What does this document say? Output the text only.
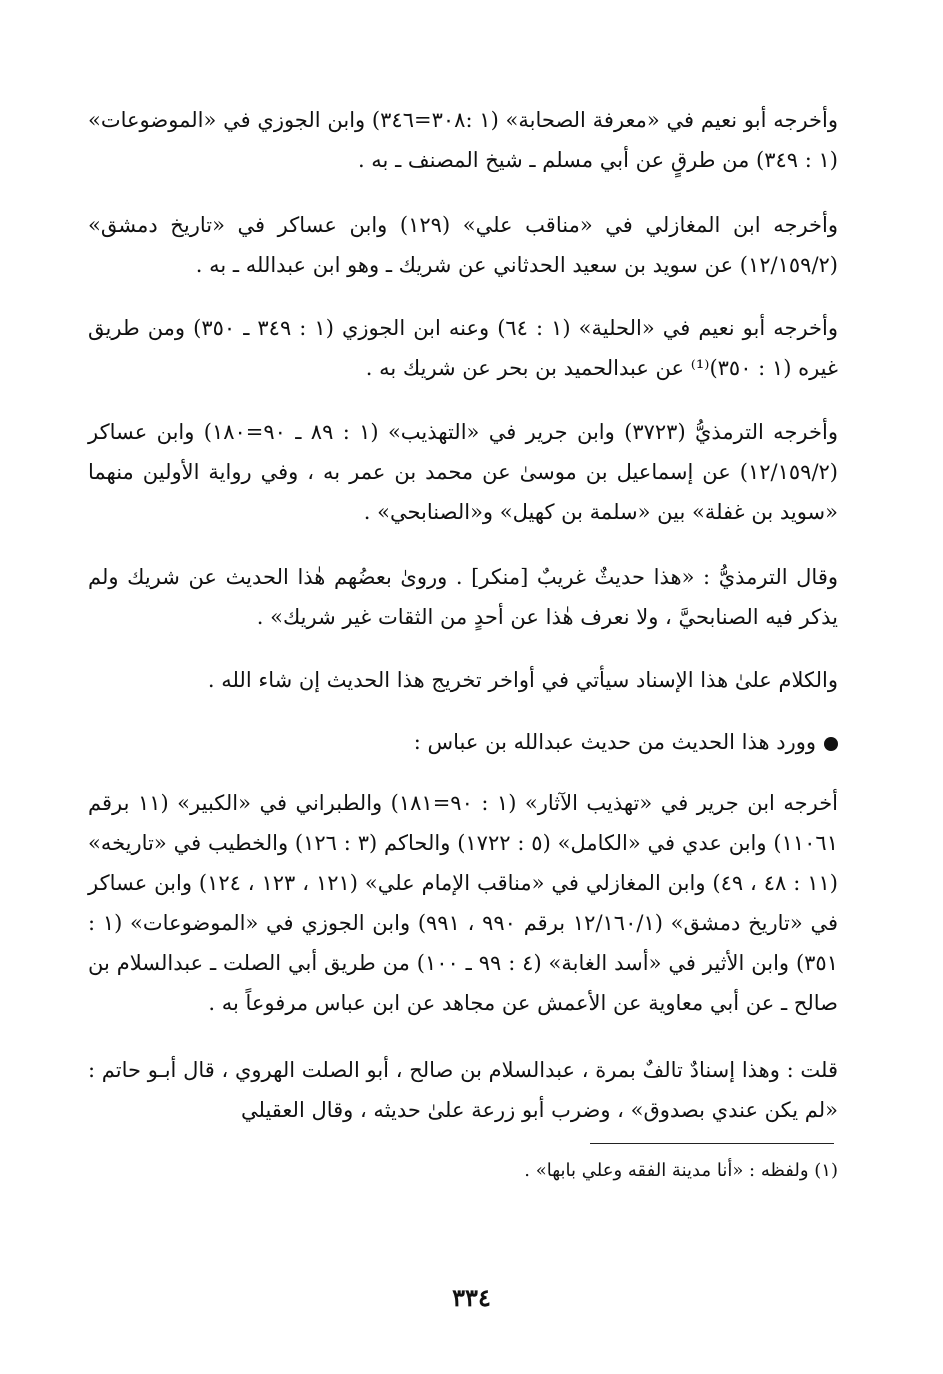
وأخرجه أبو نعيم في «معرفة الصحابة» (١ :٣٠٨=٣٤٦) وابن الجوزي في «الموضوعات» (١ : ٣٤٩) من طرقٍ عن أبي مسلم ـ شيخ المصنف ـ به .

وأخرجه ابن المغازلي في «مناقب علي» (١٢٩) وابن عساكر في «تاريخ دمشق» (١٢/١٥٩/٢) عن سويد بن سعيد الحدثاني عن شريك ـ وهو ابن عبدالله ـ به .

وأخرجه أبو نعيم في «الحلية» (١ : ٦٤) وعنه ابن الجوزي (١ : ٣٤٩ ـ ٣٥٠) ومن طريق غيره (١ : ٣٥٠)⁽¹⁾ عن عبدالحميد بن بحر عن شريك به .

وأخرجه الترمذيُّ (٣٧٢٣) وابن جرير في «التهذيب» (١ : ٨٩ ـ ٩٠=١٨٠) وابن عساكر (١٢/١٥٩/٢) عن إسماعيل بن موسىٰ عن محمد بن عمر به ، وفي رواية الأولين منهما «سويد بن غفلة» بين «سلمة بن كهيل» و«الصنابحي» .

وقال الترمذيُّ : «هذا حديثٌ غريبٌ [منكر] . وروىٰ بعضُهم هٰذا الحديث عن شريك ولم يذكر فيه الصنابحيَّ ، ولا نعرف هٰذا عن أحدٍ من الثقات غير شريك» .

والكلام علىٰ هذا الإسناد سيأتي في أواخر تخريج هذا الحديث إن شاء الله .

وورد هذا الحديث من حديث عبدالله بن عباس :

أخرجه ابن جرير في «تهذيب الآثار» (١ : ٩٠=١٨١) والطبراني في «الكبير» (١١ برقم ١١٠٦١) وابن عدي في «الكامل» (٥ : ١٧٢٢) والحاكم (٣ : ١٢٦) والخطيب في «تاريخه» (١١ : ٤٨ ، ٤٩) وابن المغازلي في «مناقب الإمام علي» (١٢١ ، ١٢٣ ، ١٢٤) وابن عساكر في «تاريخ دمشق» (١٢/١٦٠/١ برقم ٩٩٠ ، ٩٩١) وابن الجوزي في «الموضوعات» (١ : ٣٥١) وابن الأثير في «أسد الغابة» (٤ : ٩٩ ـ ١٠٠) من طريق أبي الصلت ـ عبدالسلام بن صالح ـ عن أبي معاوية عن الأعمش عن مجاهد عن ابن عباس مرفوعاً به .

قلت : وهذا إسنادٌ تالفٌ بمرة ، عبدالسلام بن صالح ، أبو الصلت الهروي ، قال أبـو حاتم : «لم يكن عندي بصدوق» ، وضرب أبو زرعة علىٰ حديثه ، وقال العقيلي

(١) ولفظه : «أنا مدينة الفقه وعلي بابها» .

٣٣٤
